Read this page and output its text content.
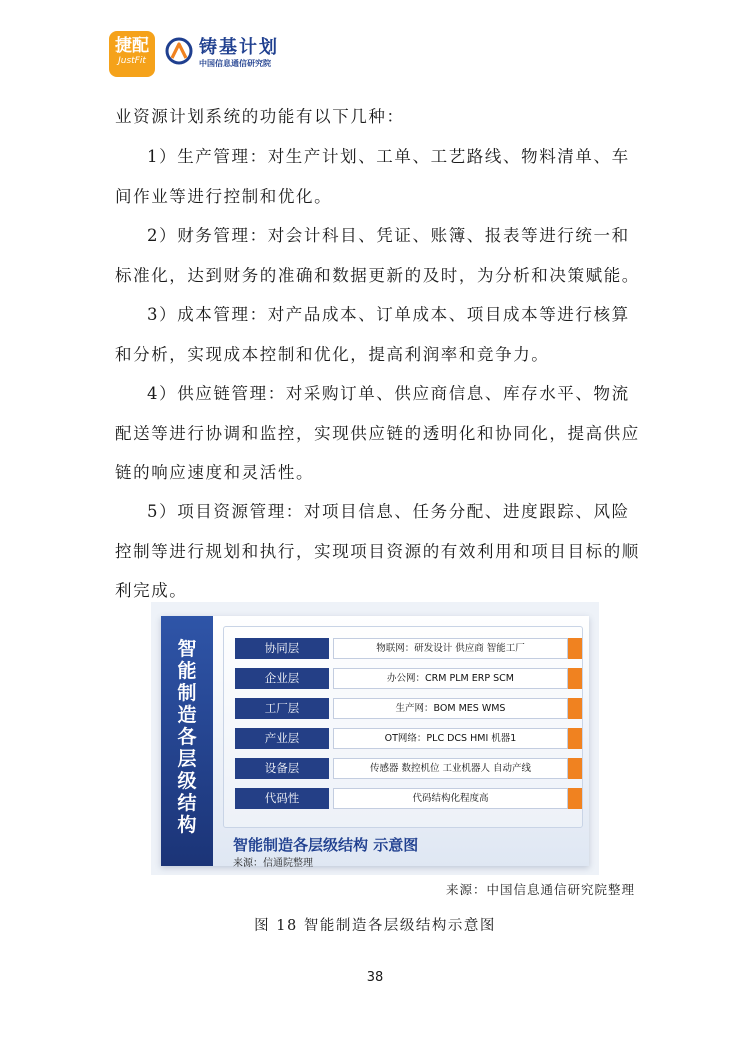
捷配
JustFit
铸基计划
中国信息通信研究院

业资源计划系统的功能有以下几种：

1）生产管理：对生产计划、工单、工艺路线、物料清单、车间作业等进行控制和优化。

2）财务管理：对会计科目、凭证、账簿、报表等进行统一和标准化，达到财务的准确和数据更新的及时，为分析和决策赋能。

3）成本管理：对产品成本、订单成本、项目成本等进行核算和分析，实现成本控制和优化，提高利润率和竞争力。

4）供应链管理：对采购订单、供应商信息、库存水平、物流配送等进行协调和监控，实现供应链的透明化和协同化，提高供应链的响应速度和灵活性。

5）项目资源管理：对项目信息、任务分配、进度跟踪、风险控制等进行规划和执行，实现项目资源的有效利用和项目目标的顺利完成。

智能制造各层级结构
协同层	物联网：研发设计 供应商 智能工厂
企业层	办公网：CRM PLM ERP SCM
工厂层	生产网：BOM MES WMS
产业层	OT网络：PLC DCS HMI 机器1
设备层	传感器 数控机位 工业机器人 自动产线
代码性	代码结构化程度高
智能制造各层级结构 示意图
来源：信通院整理
来源：中国信息通信研究院整理
图 18 智能制造各层级结构示意图
38
